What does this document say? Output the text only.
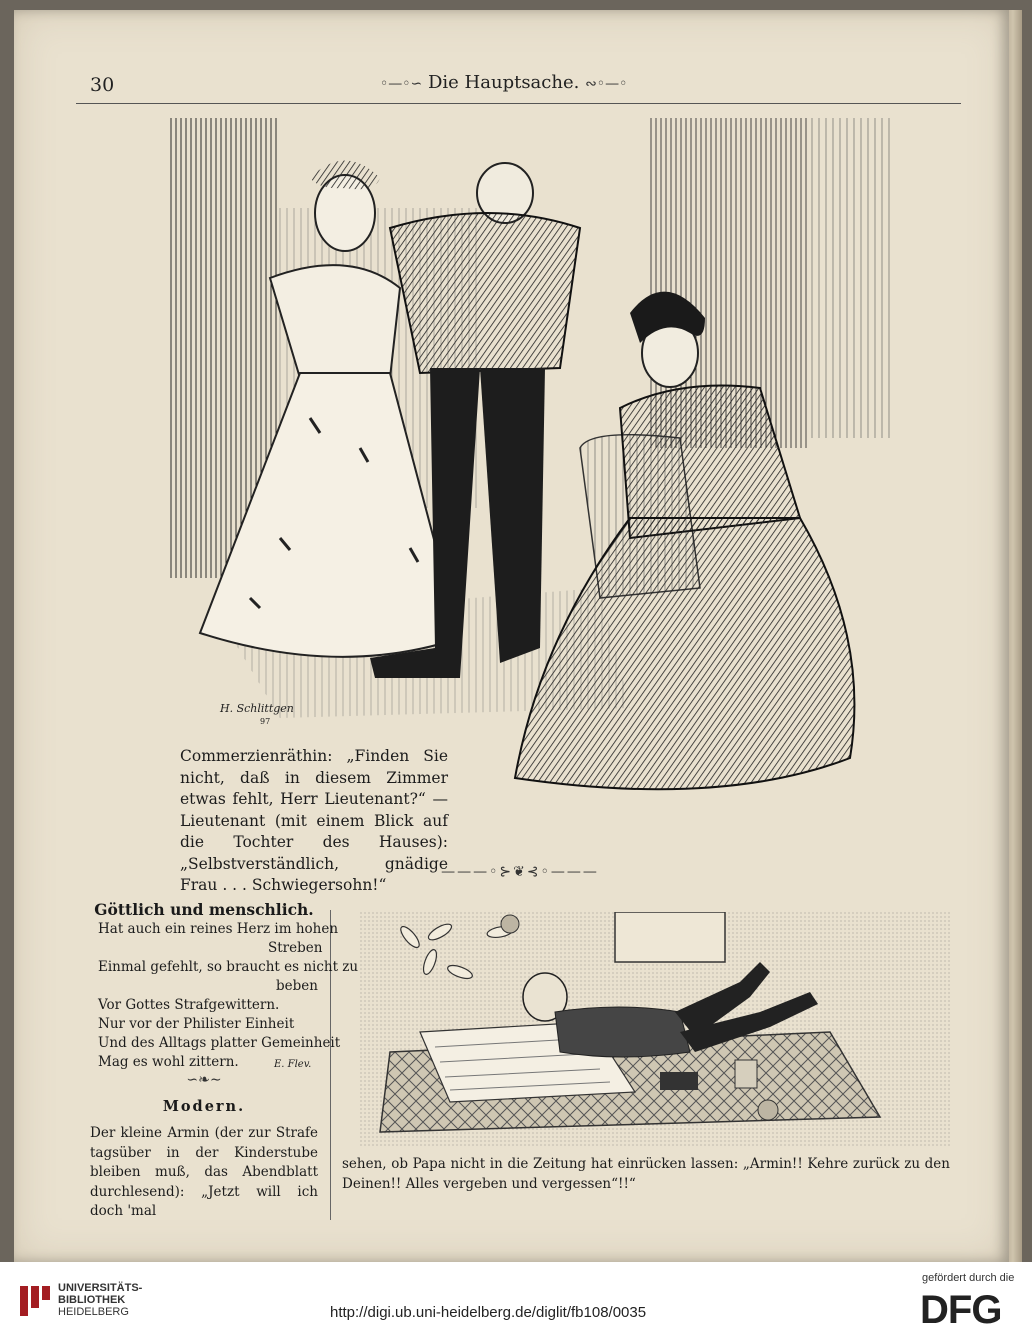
30	◦—◦∽ Die Hauptsache. ∾◦—◦
H. Schlittgen
97
Commerzienräthin: „Finden Sie nicht, daß in diesem Zimmer etwas fehlt, Herr Lieutenant?“ — Lieutenant (mit einem Blick auf die Tochter des Hauses): „Selbstverständlich, gnädige Frau . . . Schwiegersohn!“
———◦⊱❦⊰◦———
Göttlich und menschlich.
Hat auch ein reines Herz im hohen
Streben
Einmal gefehlt, so braucht es nicht zu
beben
Vor Gottes Strafgewittern.
Nur vor der Philister Einheit
Und des Alltags platter Gemeinheit
Mag es wohl zittern.	E. Flev.
∽❧∼
Modern.
Der kleine Armin (der zur Strafe tagsüber in der Kinderstube bleiben muß, das Abendblatt durchlesend): „Jetzt will ich doch 'mal
sehen, ob Papa nicht in die Zeitung hat einrücken lassen: „Armin!! Kehre zurück zu den Deinen!! Alles vergeben und vergessen“!!“
UNIVERSITÄTS-
BIBLIOTHEK
HEIDELBERG	http://digi.ub.uni-heidelberg.de/diglit/fb108/0035
gefördert durch die
DFG
